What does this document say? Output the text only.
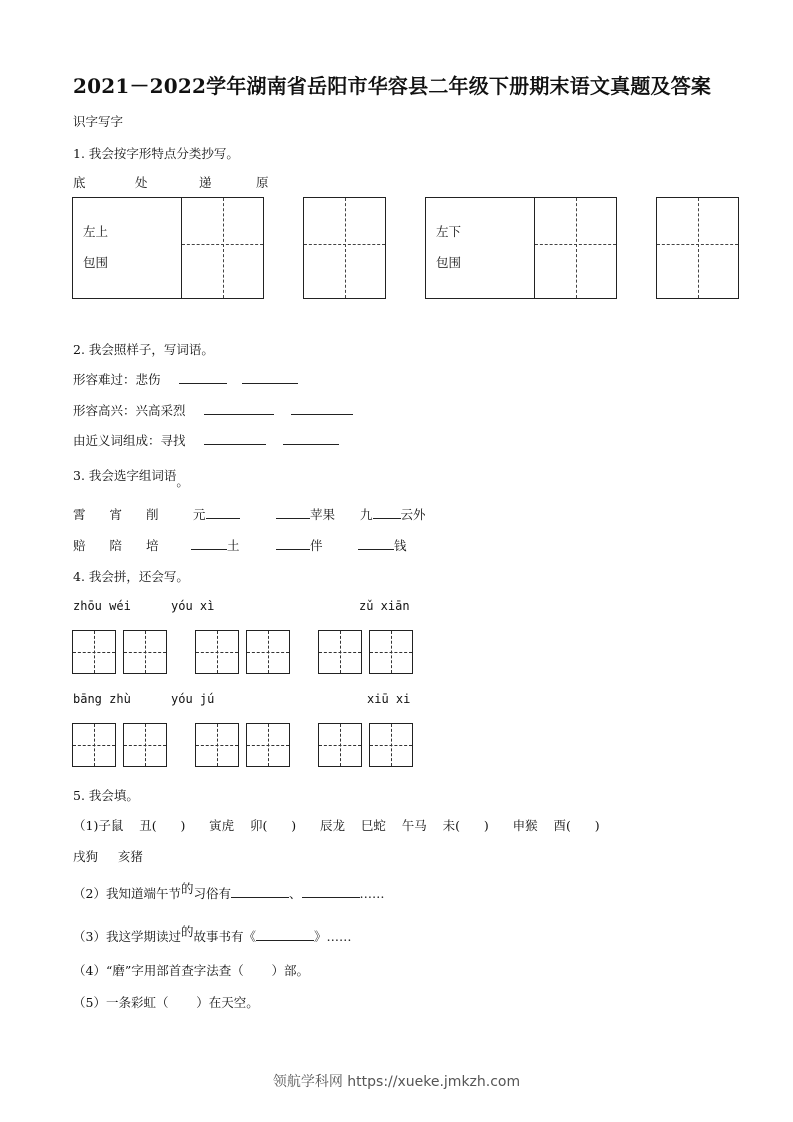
2021－2022学年湖南省岳阳市华容县二年级下册期末语文真题及答案
识字写字
1. 我会按字形特点分类抄写。
底	处	递	原
左上
包围
左下
包围
2. 我会照样子，写词语。
形容难过：悲伤
形容高兴：兴高采烈
由近义词组成：寻找
3. 我会选字组词语。
霄 宵 削	元	苹果 九 云外
赔 陪 培	土	伴	钱
4. 我会拼，还会写。
zhōu wéi	yóu xì	zǔ xiān
bāng zhù	yóu jú	xiū xi
5. 我会填。
（1)子鼠    丑(      )      寅虎    卯(      )      辰龙    巳蛇    午马    未(      )      申猴    酉(      )
戌狗     亥猪
（2）我知道端午节的习俗有	、	……
（3）我这学期读过的故事书有《	》……
（4）“磨”字用部首查字法查（       ）部。
（5）一条彩虹（       ）在天空。
领航学科网 https://xueke.jmkzh.com
